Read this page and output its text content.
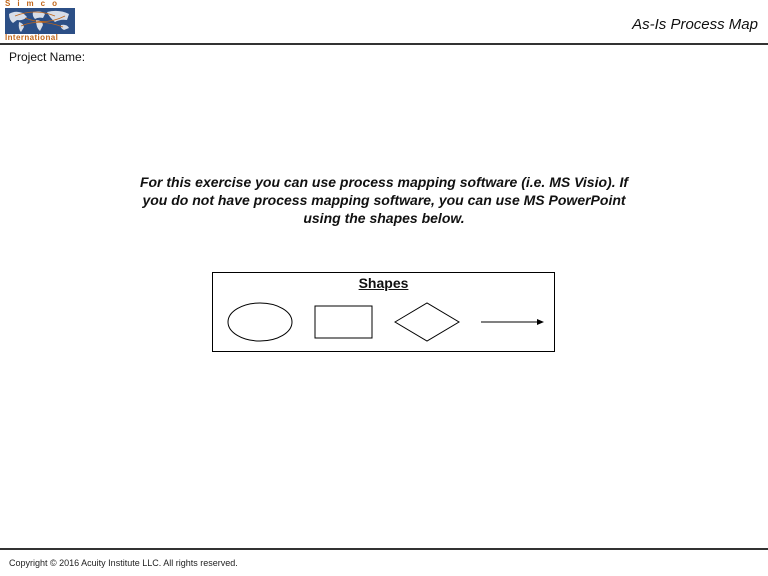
Simco
International
As-Is Process Map
Project Name:
For this exercise you can use process mapping software (i.e. MS Visio). If you do not have process mapping software, you can use MS PowerPoint using the shapes below.
Shapes
Copyright © 2016 Acuity Institute LLC. All rights reserved.
